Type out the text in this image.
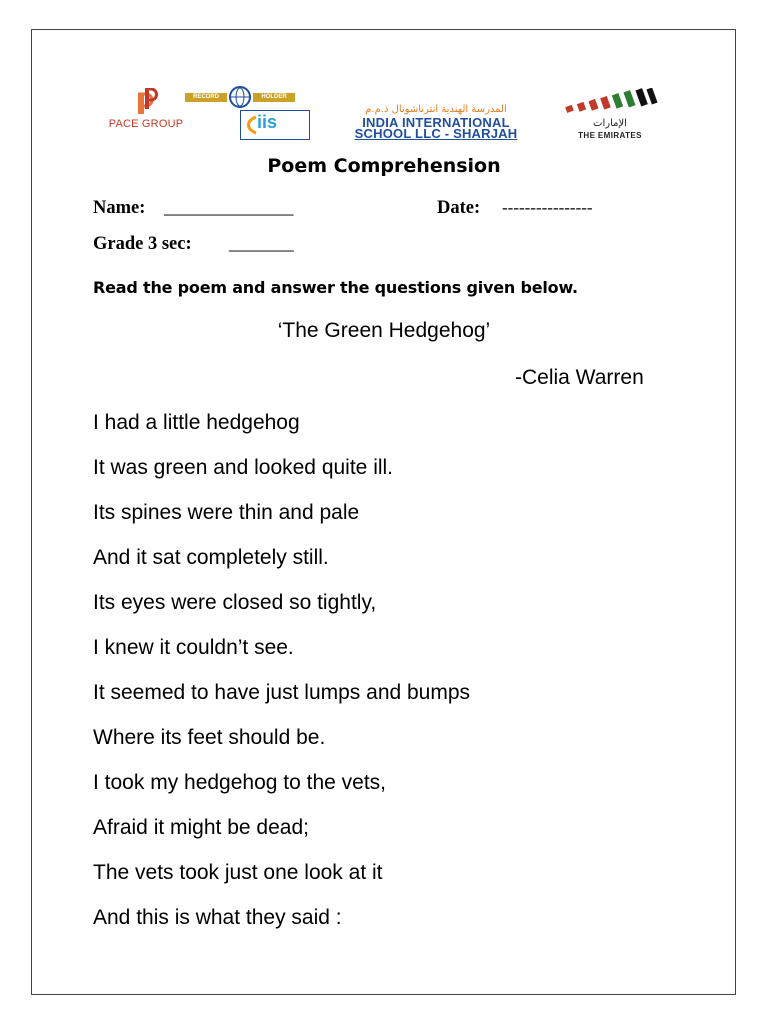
PACE GROUP
RECORD	HOLDER
iis
المدرسة الهندية انترناشونال ذ.م.م
INDIA INTERNATIONAL
SCHOOL LLC - SHARJAH
الإمارات
THE EMIRATES
Poem Comprehension
Name: ______________	Date: ----------------
Grade 3 sec: _______
Read the poem and answer the questions given below.
‘The Green Hedgehog’
-Celia Warren
I had a little hedgehog
It was green and looked quite ill.
Its spines were thin and pale
And it sat completely still.
Its eyes were closed so tightly,
I knew it couldn’t see.
It seemed to have just lumps and bumps
Where its feet should be.
I took my hedgehog to the vets,
Afraid it might be dead;
The vets took just one look at it
And this is what they said :
